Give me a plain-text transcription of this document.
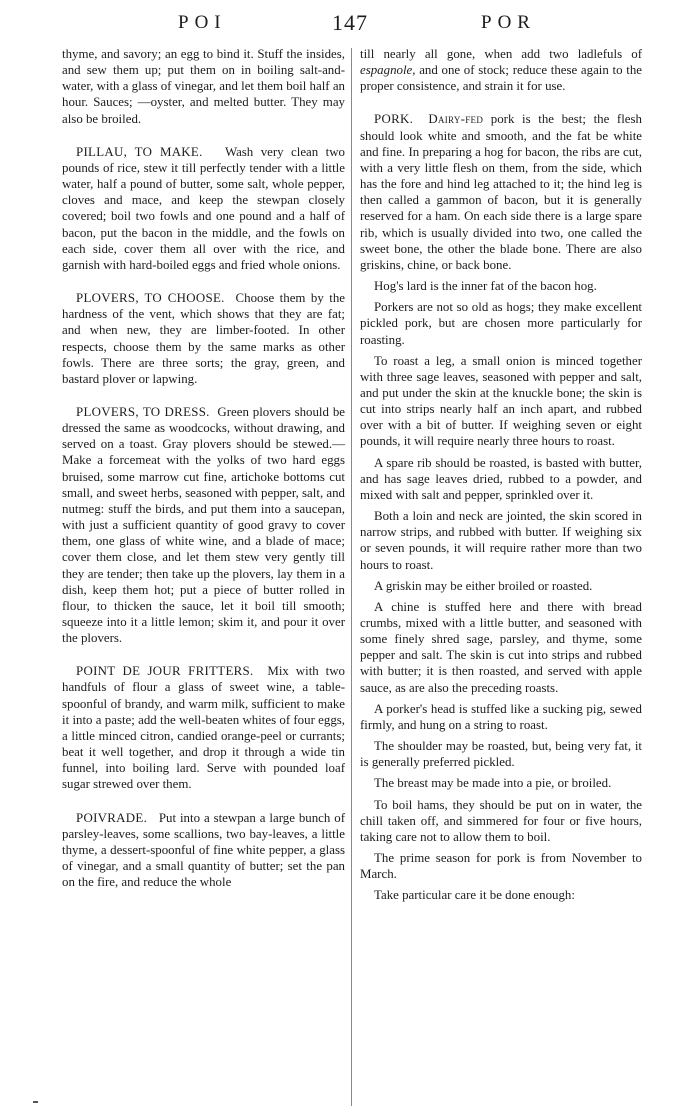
POI	147	POR

thyme, and savory; an egg to bind it. Stuff the insides, and sew them up; put them on in boiling salt-and-water, with a glass of vinegar, and let them boil half an hour. Sauces; —oyster, and melted butter. They may also be broiled.

PILLAU, TO MAKE. Wash very clean two pounds of rice, stew it till perfectly tender with a little water, half a pound of butter, some salt, whole pepper, cloves and mace, and keep the stewpan closely covered; boil two fowls and one pound and a half of bacon, put the bacon in the middle, and the fowls on each side, cover them all over with the rice, and garnish with hard-boiled eggs and fried whole onions.

PLOVERS, TO CHOOSE. Choose them by the hardness of the vent, which shows that they are fat; and when new, they are limber-footed. In other respects, choose them by the same marks as other fowls. There are three sorts; the gray, green, and bastard plover or lapwing.

PLOVERS, TO DRESS. Green plovers should be dressed the same as woodcocks, without drawing, and served on a toast. Gray plovers should be stewed.—Make a forcemeat with the yolks of two hard eggs bruised, some marrow cut fine, artichoke bottoms cut small, and sweet herbs, seasoned with pepper, salt, and nutmeg: stuff the birds, and put them into a saucepan, with just a sufficient quantity of good gravy to cover them, one glass of white wine, and a blade of mace; cover them close, and let them stew very gently till they are tender; then take up the plovers, lay them in a dish, keep them hot; put a piece of butter rolled in flour, to thicken the sauce, let it boil till smooth; squeeze into it a little lemon; skim it, and pour it over the plovers.

POINT DE JOUR FRITTERS. Mix with two handfuls of flour a glass of sweet wine, a table-spoonful of brandy, and warm milk, sufficient to make it into a paste; add the well-beaten whites of four eggs, a little minced citron, candied orange-peel or currants; beat it well together, and drop it through a wide tin funnel, into boiling lard. Serve with pounded loaf sugar strewed over them.

POIVRADE. Put into a stewpan a large bunch of parsley-leaves, some scallions, two bay-leaves, a little thyme, a dessert-spoonful of fine white pepper, a glass of vinegar, and a small quantity of butter; set the pan on the fire, and reduce the whole

till nearly all gone, when add two ladlefuls of espagnole, and one of stock; reduce these again to the proper consistence, and strain it for use.

PORK. Dairy-fed pork is the best; the flesh should look white and smooth, and the fat be white and fine. In preparing a hog for bacon, the ribs are cut, with a very little flesh on them, from the side, which has the fore and hind leg attached to it; the hind leg is then called a gammon of bacon, but it is generally reserved for a ham. On each side there is a large spare rib, which is usually divided into two, one called the sweet bone, the other the blade bone. There are also griskins, chine, or back bone.

Hog's lard is the inner fat of the bacon hog.

Porkers are not so old as hogs; they make excellent pickled pork, but are chosen more particularly for roasting.

To roast a leg, a small onion is minced together with three sage leaves, seasoned with pepper and salt, and put under the skin at the knuckle bone; the skin is cut into strips nearly half an inch apart, and rubbed over with a bit of butter. If weighing seven or eight pounds, it will require nearly three hours to roast.

A spare rib should be roasted, is basted with butter, and has sage leaves dried, rubbed to a powder, and mixed with salt and pepper, sprinkled over it.

Both a loin and neck are jointed, the skin scored in narrow strips, and rubbed with butter. If weighing six or seven pounds, it will require rather more than two hours to roast.

A griskin may be either broiled or roasted.

A chine is stuffed here and there with bread crumbs, mixed with a little butter, and seasoned with some finely shred sage, parsley, and thyme, some pepper and salt. The skin is cut into strips and rubbed with butter; it is then roasted, and served with apple sauce, as are also the preceding roasts.

A porker's head is stuffed like a sucking pig, sewed firmly, and hung on a string to roast.

The shoulder may be roasted, but, being very fat, it is generally preferred pickled.

The breast may be made into a pie, or broiled.

To boil hams, they should be put on in water, the chill taken off, and simmered for four or five hours, taking care not to allow them to boil.

The prime season for pork is from November to March.

Take particular care it be done enough:
